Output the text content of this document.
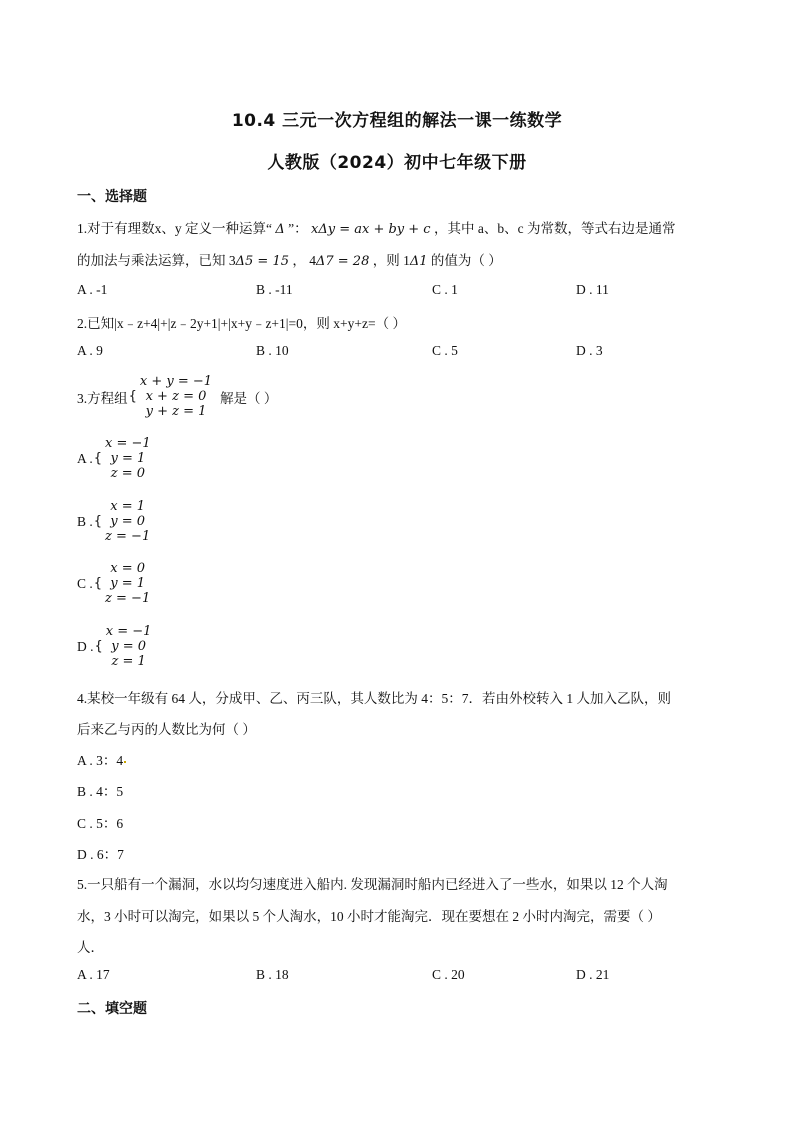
10.4 三元一次方程组的解法一课一练数学
人教版（2024）初中七年级下册
一、选择题
1.对于有理数x、y 定义一种运算“ Δ ”： xΔy = ax + by + c ，其中 a、b、c 为常数，等式右边是通常
的加法与乘法运算，已知 3Δ5 = 15 ， 4Δ7 = 28 ，则 1Δ1 的值为（ ）
A . -1	B . -11	C . 1	D . 11
2.已知|x﹣z+4|+|z﹣2y+1|+|x+y﹣z+1|=0，则 x+y+z=（ ）
A . 9	B . 10	C . 5	D . 3
3.方程组 {
x + y = −1
x + z = 0
y + z = 1
解是（ ）
A . {
x = −1
y = 1
z = 0
B . {
x = 1
y = 0
z = −1
C . {
x = 0
y = 1
z = −1
D . {
x = −1
y = 0
z = 1
4.某校一年级有 64 人，分成甲、乙、丙三队，其人数比为 4：5：7．若由外校转入 1 人加入乙队，则
后来乙与丙的人数比为何（ ）
A . 3：4
B . 4：5
C . 5：6
D . 6：7
5.一只船有一个漏洞，水以均匀速度进入船内. 发现漏洞时船内已经进入了一些水，如果以 12 个人淘
水，3 小时可以淘完，如果以 5 个人淘水，10 小时才能淘完．现在要想在 2 小时内淘完，需要（ ）
人．
A . 17	B . 18	C . 20	D . 21
二、填空题
